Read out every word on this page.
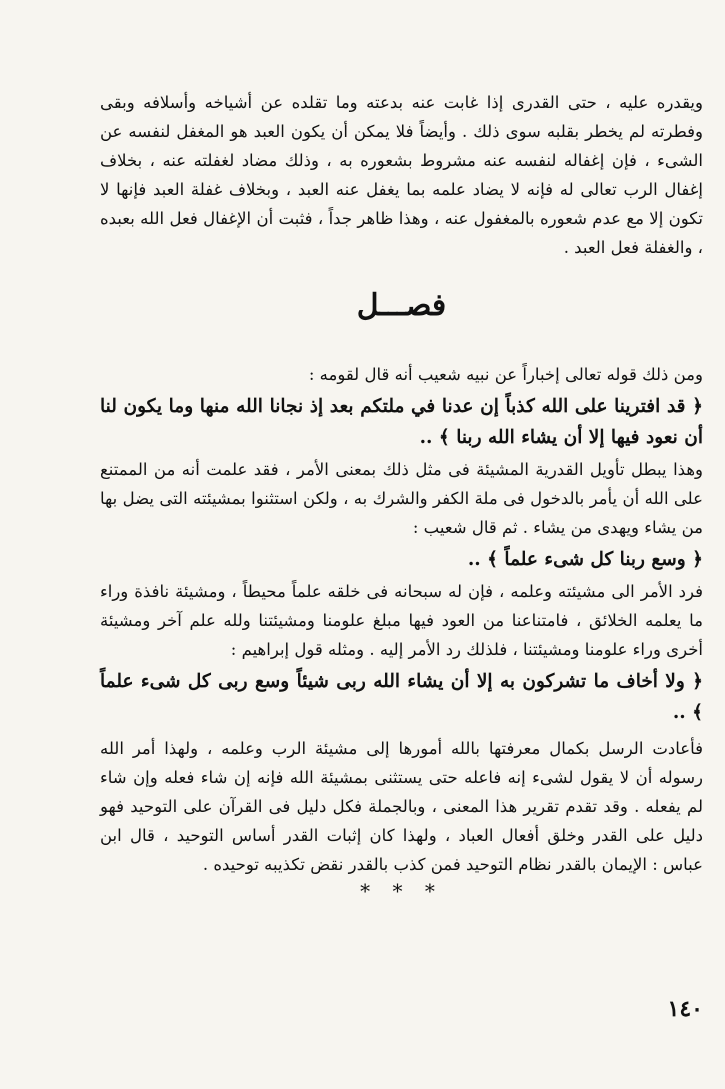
ويقدره عليه ، حتى القدرى إذا غابت عنه بدعته وما تقلده عن أشياخه وأسلافه وبقى وفطرته لم يخطر بقلبه سوى ذلك . وأيضاً فلا يمكن أن يكون العبد هو المغفل لنفسه عن الشىء ، فإن إغفاله لنفسه عنه مشروط بشعوره به ، وذلك مضاد لغفلته عنه ، بخلاف إغفال الرب تعالى له فإنه لا يضاد علمه بما يغفل عنه العبد ، وبخلاف غفلة العبد فإنها لا تكون إلا مع عدم شعوره بالمغفول عنه ، وهذا ظاهر جداً ، فثبت أن الإغفال فعل الله بعبده ، والغفلة فعل العبد .

فصـــل

ومن ذلك قوله تعالى إخباراً عن نبيه شعيب أنه قال لقومه :

﴿ قد افترينا على الله كذباً إن عدنا في ملتكم بعد إذ نجانا الله منها وما يكون لنا أن نعود فيها إلا أن يشاء الله ربنا ﴾ ..

وهذا يبطل تأويل القدرية المشيئة فى مثل ذلك بمعنى الأمر ، فقد علمت أنه من الممتنع على الله أن يأمر بالدخول فى ملة الكفر والشرك به ، ولكن استثنوا بمشيئته التى يضل بها من يشاء ويهدى من يشاء . ثم قال شعيب :

﴿ وسع ربنا كل شىء علماً ﴾ ..

فرد الأمر الى مشيئته وعلمه ، فإن له سبحانه فى خلقه علماً محيطاً ، ومشيئة نافذة وراء ما يعلمه الخلائق ، فامتناعنا من العود فيها مبلغ علومنا ومشيئتنا ولله علم آخر ومشيئة أخرى وراء علومنا ومشيئتنا ، فلذلك رد الأمر إليه . ومثله قول إبراهيم :

﴿ ولا أخاف ما تشركون به إلا أن يشاء الله ربى شيئاً وسع ربى كل شىء علماً ﴾ ..

فأعادت الرسل بكمال معرفتها بالله أمورها إلى مشيئة الرب وعلمه ، ولهذا أمر الله رسوله أن لا يقول لشىء إنه فاعله حتى يستثنى بمشيئة الله فإنه إن شاء فعله وإن شاء لم يفعله . وقد تقدم تقرير هذا المعنى ، وبالجملة فكل دليل فى القرآن على التوحيد فهو دليل على القدر وخلق أفعال العباد ، ولهذا كان إثبات القدر أساس التوحيد ، قال ابن عباس : الإيمان بالقدر نظام التوحيد فمن كذب بالقدر نقض تكذيبه توحيده .

* * *
١٤٠
